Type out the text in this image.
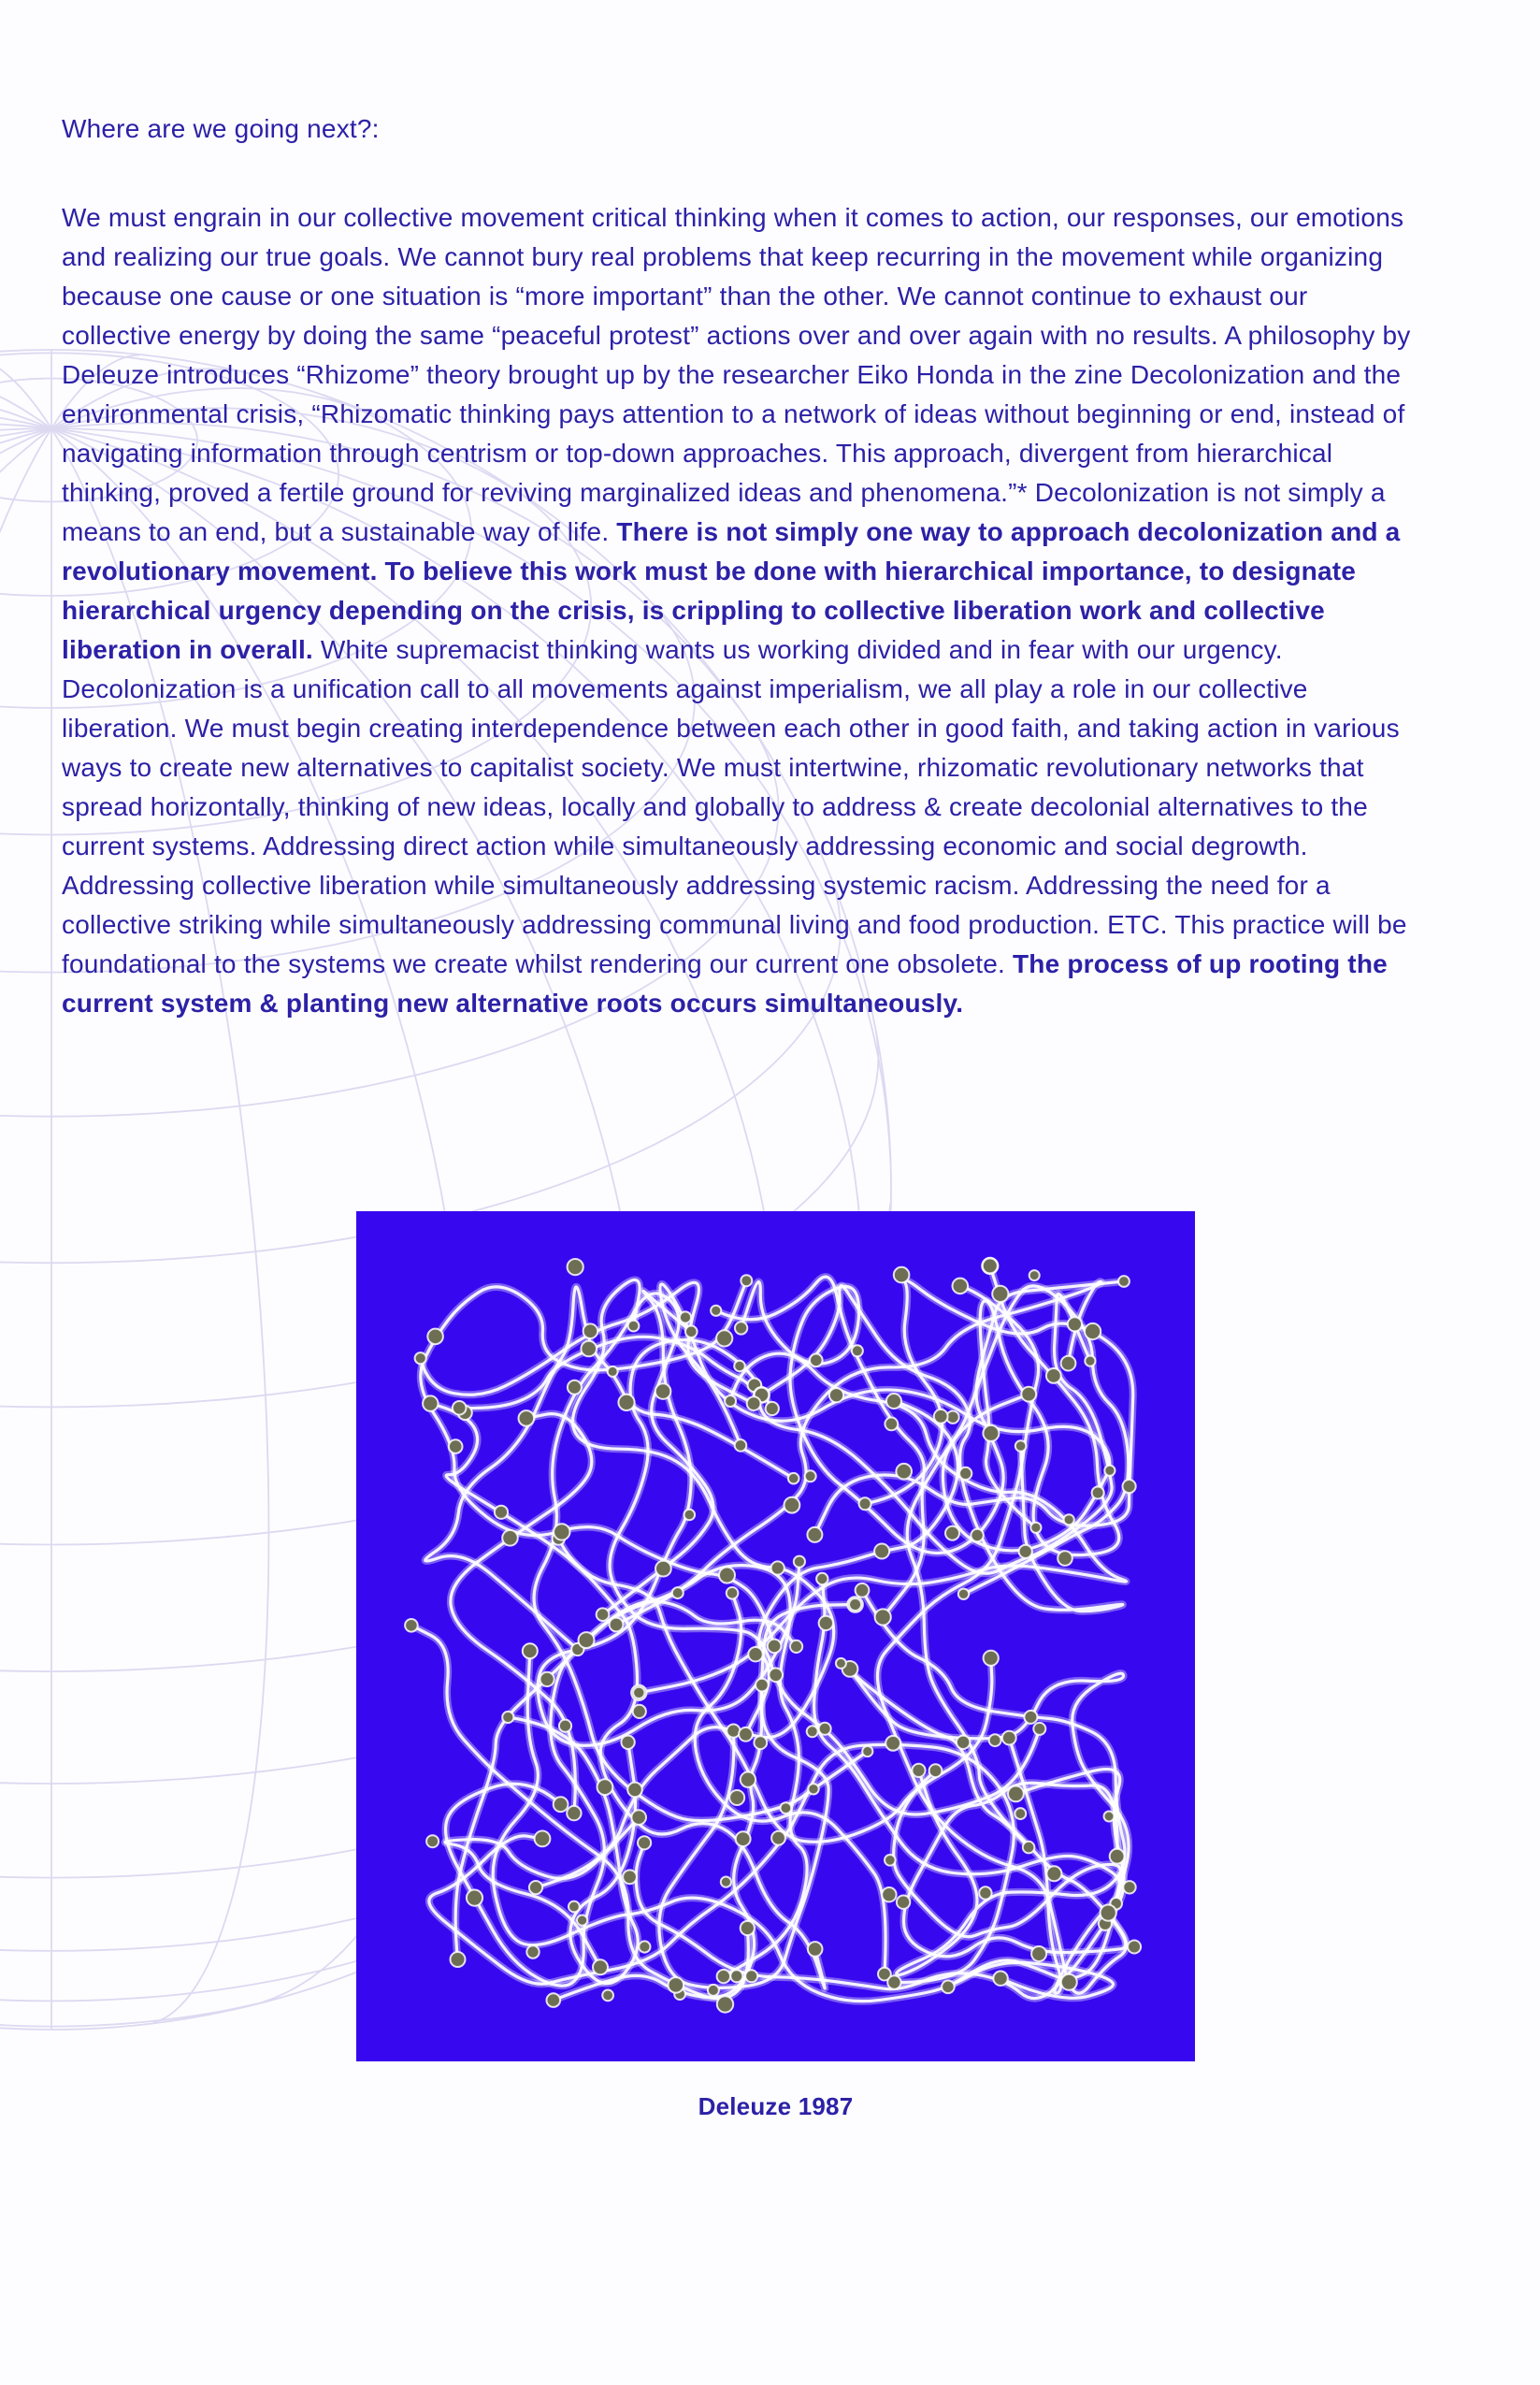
Where are we going next?:

We must engrain in our collective movement critical thinking when it comes to action, our responses, our emotions and realizing our true goals. We cannot bury real problems that keep recurring in the movement while organizing because one cause or one situation is “more important” than the other. We cannot continue to exhaust our collective energy by doing the same “peaceful protest” actions over and over again with no results. A philosophy by Deleuze introduces “Rhizome” theory brought up by the researcher Eiko Honda in the zine Decolonization and the environmental crisis, “Rhizomatic thinking pays attention to a network of ideas without beginning or end, instead of navigating information through centrism or top-down approaches. This approach, divergent from hierarchical thinking, proved a fertile ground for reviving marginalized ideas and phenomena.”* Decolonization is not simply a means to an end, but a sustainable way of life. There is not simply one way to approach decolonization and a revolutionary movement. To believe this work must be done with hierarchical importance, to designate hierarchical urgency depending on the crisis, is crippling to collective liberation work and collective liberation in overall. White supremacist thinking wants us working divided and in fear with our urgency. Decolonization is a unification call to all movements against imperialism, we all play a role in our collective liberation. We must begin creating interdependence between each other in good faith, and taking action in various ways to create new alternatives to capitalist society. We must intertwine, rhizomatic revolutionary networks that spread horizontally, thinking of new ideas, locally and globally to address & create decolonial alternatives to the current systems. Addressing direct action while simultaneously addressing economic and social degrowth. Addressing collective liberation while simultaneously addressing systemic racism. Addressing the need for a collective striking while simultaneously addressing communal living and food production. ETC. This practice will be foundational to the systems we create whilst rendering our current one obsolete. The process of up rooting the current system & planting new alternative roots occurs simultaneously.

Deleuze 1987
